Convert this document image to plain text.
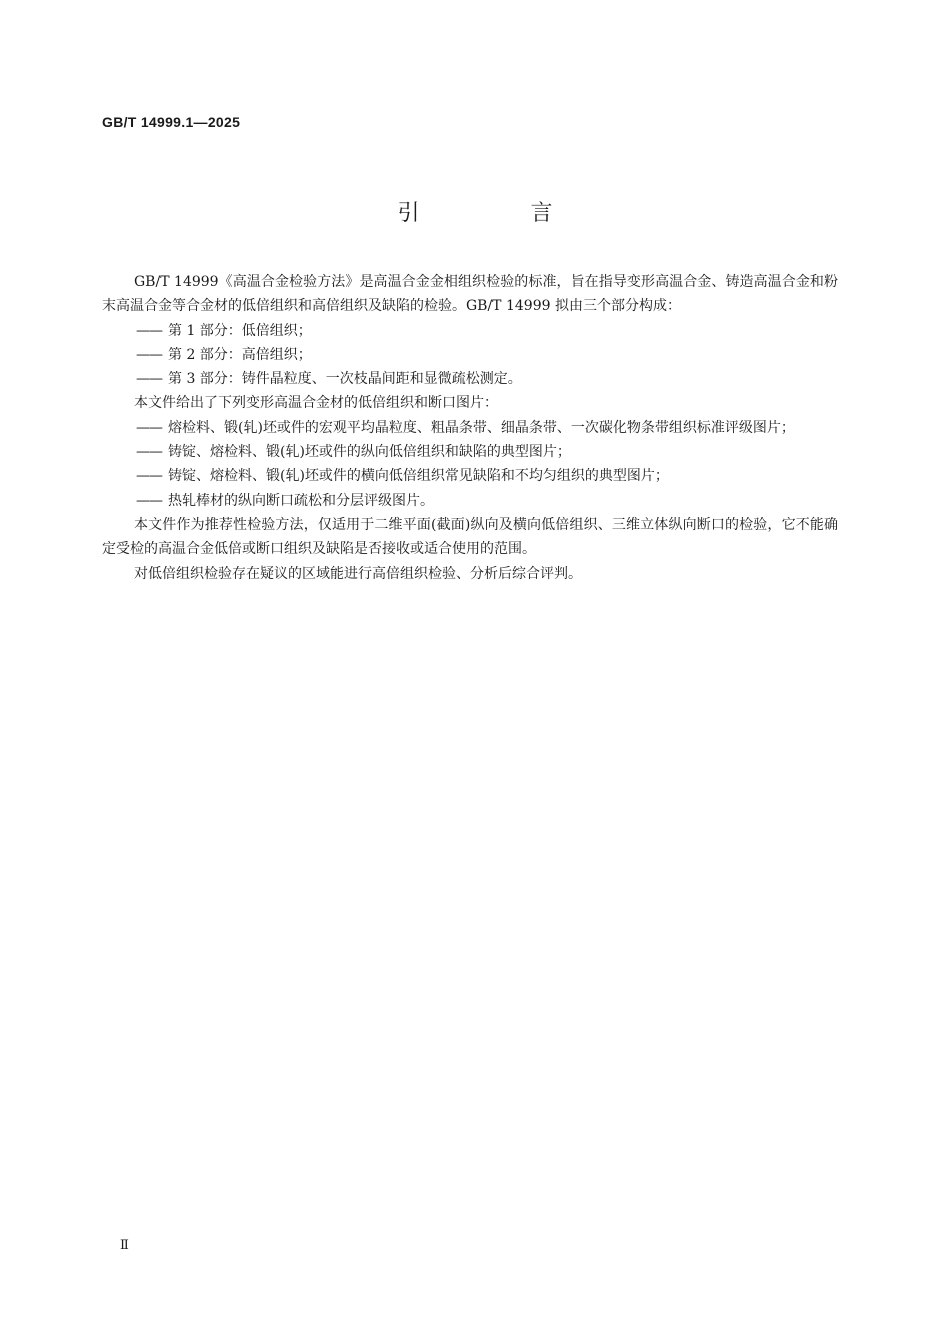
GB/T 14999.1—2025
引 言

GB/T 14999《高温合金检验方法》是高温合金金相组织检验的标准，旨在指导变形高温合金、铸造高温合金和粉末高温合金等合金材的低倍组织和高倍组织及缺陷的检验。GB/T 14999 拟由三个部分构成：

—— 第 1 部分：低倍组织；

—— 第 2 部分：高倍组织；

—— 第 3 部分：铸件晶粒度、一次枝晶间距和显微疏松测定。

本文件给出了下列变形高温合金材的低倍组织和断口图片：

—— 熔检料、锻(轧)坯或件的宏观平均晶粒度、粗晶条带、细晶条带、一次碳化物条带组织标准评级图片；

—— 铸锭、熔检料、锻(轧)坯或件的纵向低倍组织和缺陷的典型图片；

—— 铸锭、熔检料、锻(轧)坯或件的横向低倍组织常见缺陷和不均匀组织的典型图片；

—— 热轧棒材的纵向断口疏松和分层评级图片。

本文件作为推荐性检验方法，仅适用于二维平面(截面)纵向及横向低倍组织、三维立体纵向断口的检验，它不能确定受检的高温合金低倍或断口组织及缺陷是否接收或适合使用的范围。

对低倍组织检验存在疑议的区域能进行高倍组织检验、分析后综合评判。

Ⅱ
